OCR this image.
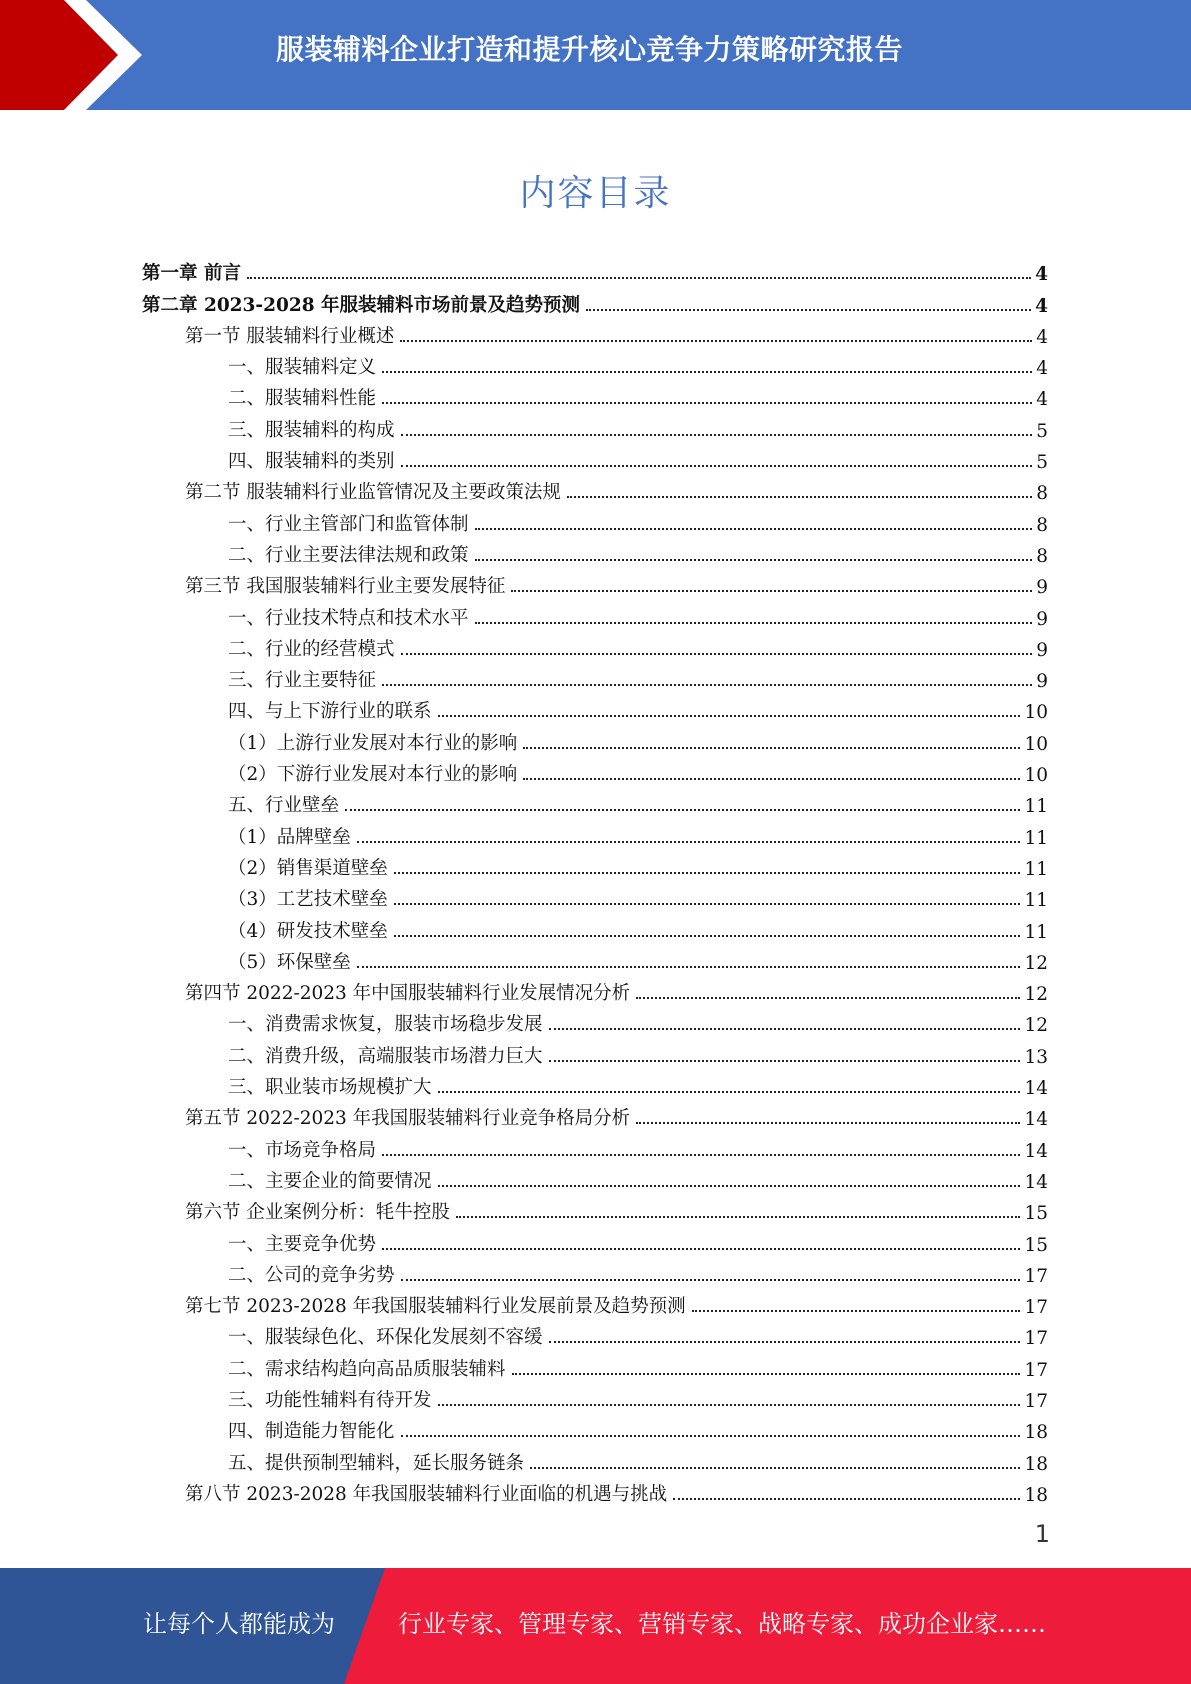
服装辅料企业打造和提升核心竞争力策略研究报告
内容目录
第一章 前言	4
第二章 2023-2028 年服装辅料市场前景及趋势预测	4
第一节 服装辅料行业概述	4
一、服装辅料定义	4
二、服装辅料性能	4
三、服装辅料的构成	5
四、服装辅料的类别	5
第二节 服装辅料行业监管情况及主要政策法规	8
一、行业主管部门和监管体制	8
二、行业主要法律法规和政策	8
第三节 我国服装辅料行业主要发展特征	9
一、行业技术特点和技术水平	9
二、行业的经营模式	9
三、行业主要特征	9
四、与上下游行业的联系	10
（1）上游行业发展对本行业的影响	10
（2）下游行业发展对本行业的影响	10
五、行业壁垒	11
（1）品牌壁垒	11
（2）销售渠道壁垒	11
（3）工艺技术壁垒	11
（4）研发技术壁垒	11
（5）环保壁垒	12
第四节 2022-2023 年中国服装辅料行业发展情况分析	12
一、消费需求恢复，服装市场稳步发展	12
二、消费升级，高端服装市场潜力巨大	13
三、职业装市场规模扩大	14
第五节 2022-2023 年我国服装辅料行业竞争格局分析	14
一、市场竞争格局	14
二、主要企业的简要情况	14
第六节 企业案例分析：牦牛控股	15
一、主要竞争优势	15
二、公司的竞争劣势	17
第七节 2023-2028 年我国服装辅料行业发展前景及趋势预测	17
一、服装绿色化、环保化发展刻不容缓	17
二、需求结构趋向高品质服装辅料	17
三、功能性辅料有待开发	17
四、制造能力智能化	18
五、提供预制型辅料，延长服务链条	18
第八节 2023-2028 年我国服装辅料行业面临的机遇与挑战	18
1
让每个人都能成为	行业专家、管理专家、营销专家、战略专家、成功企业家……
